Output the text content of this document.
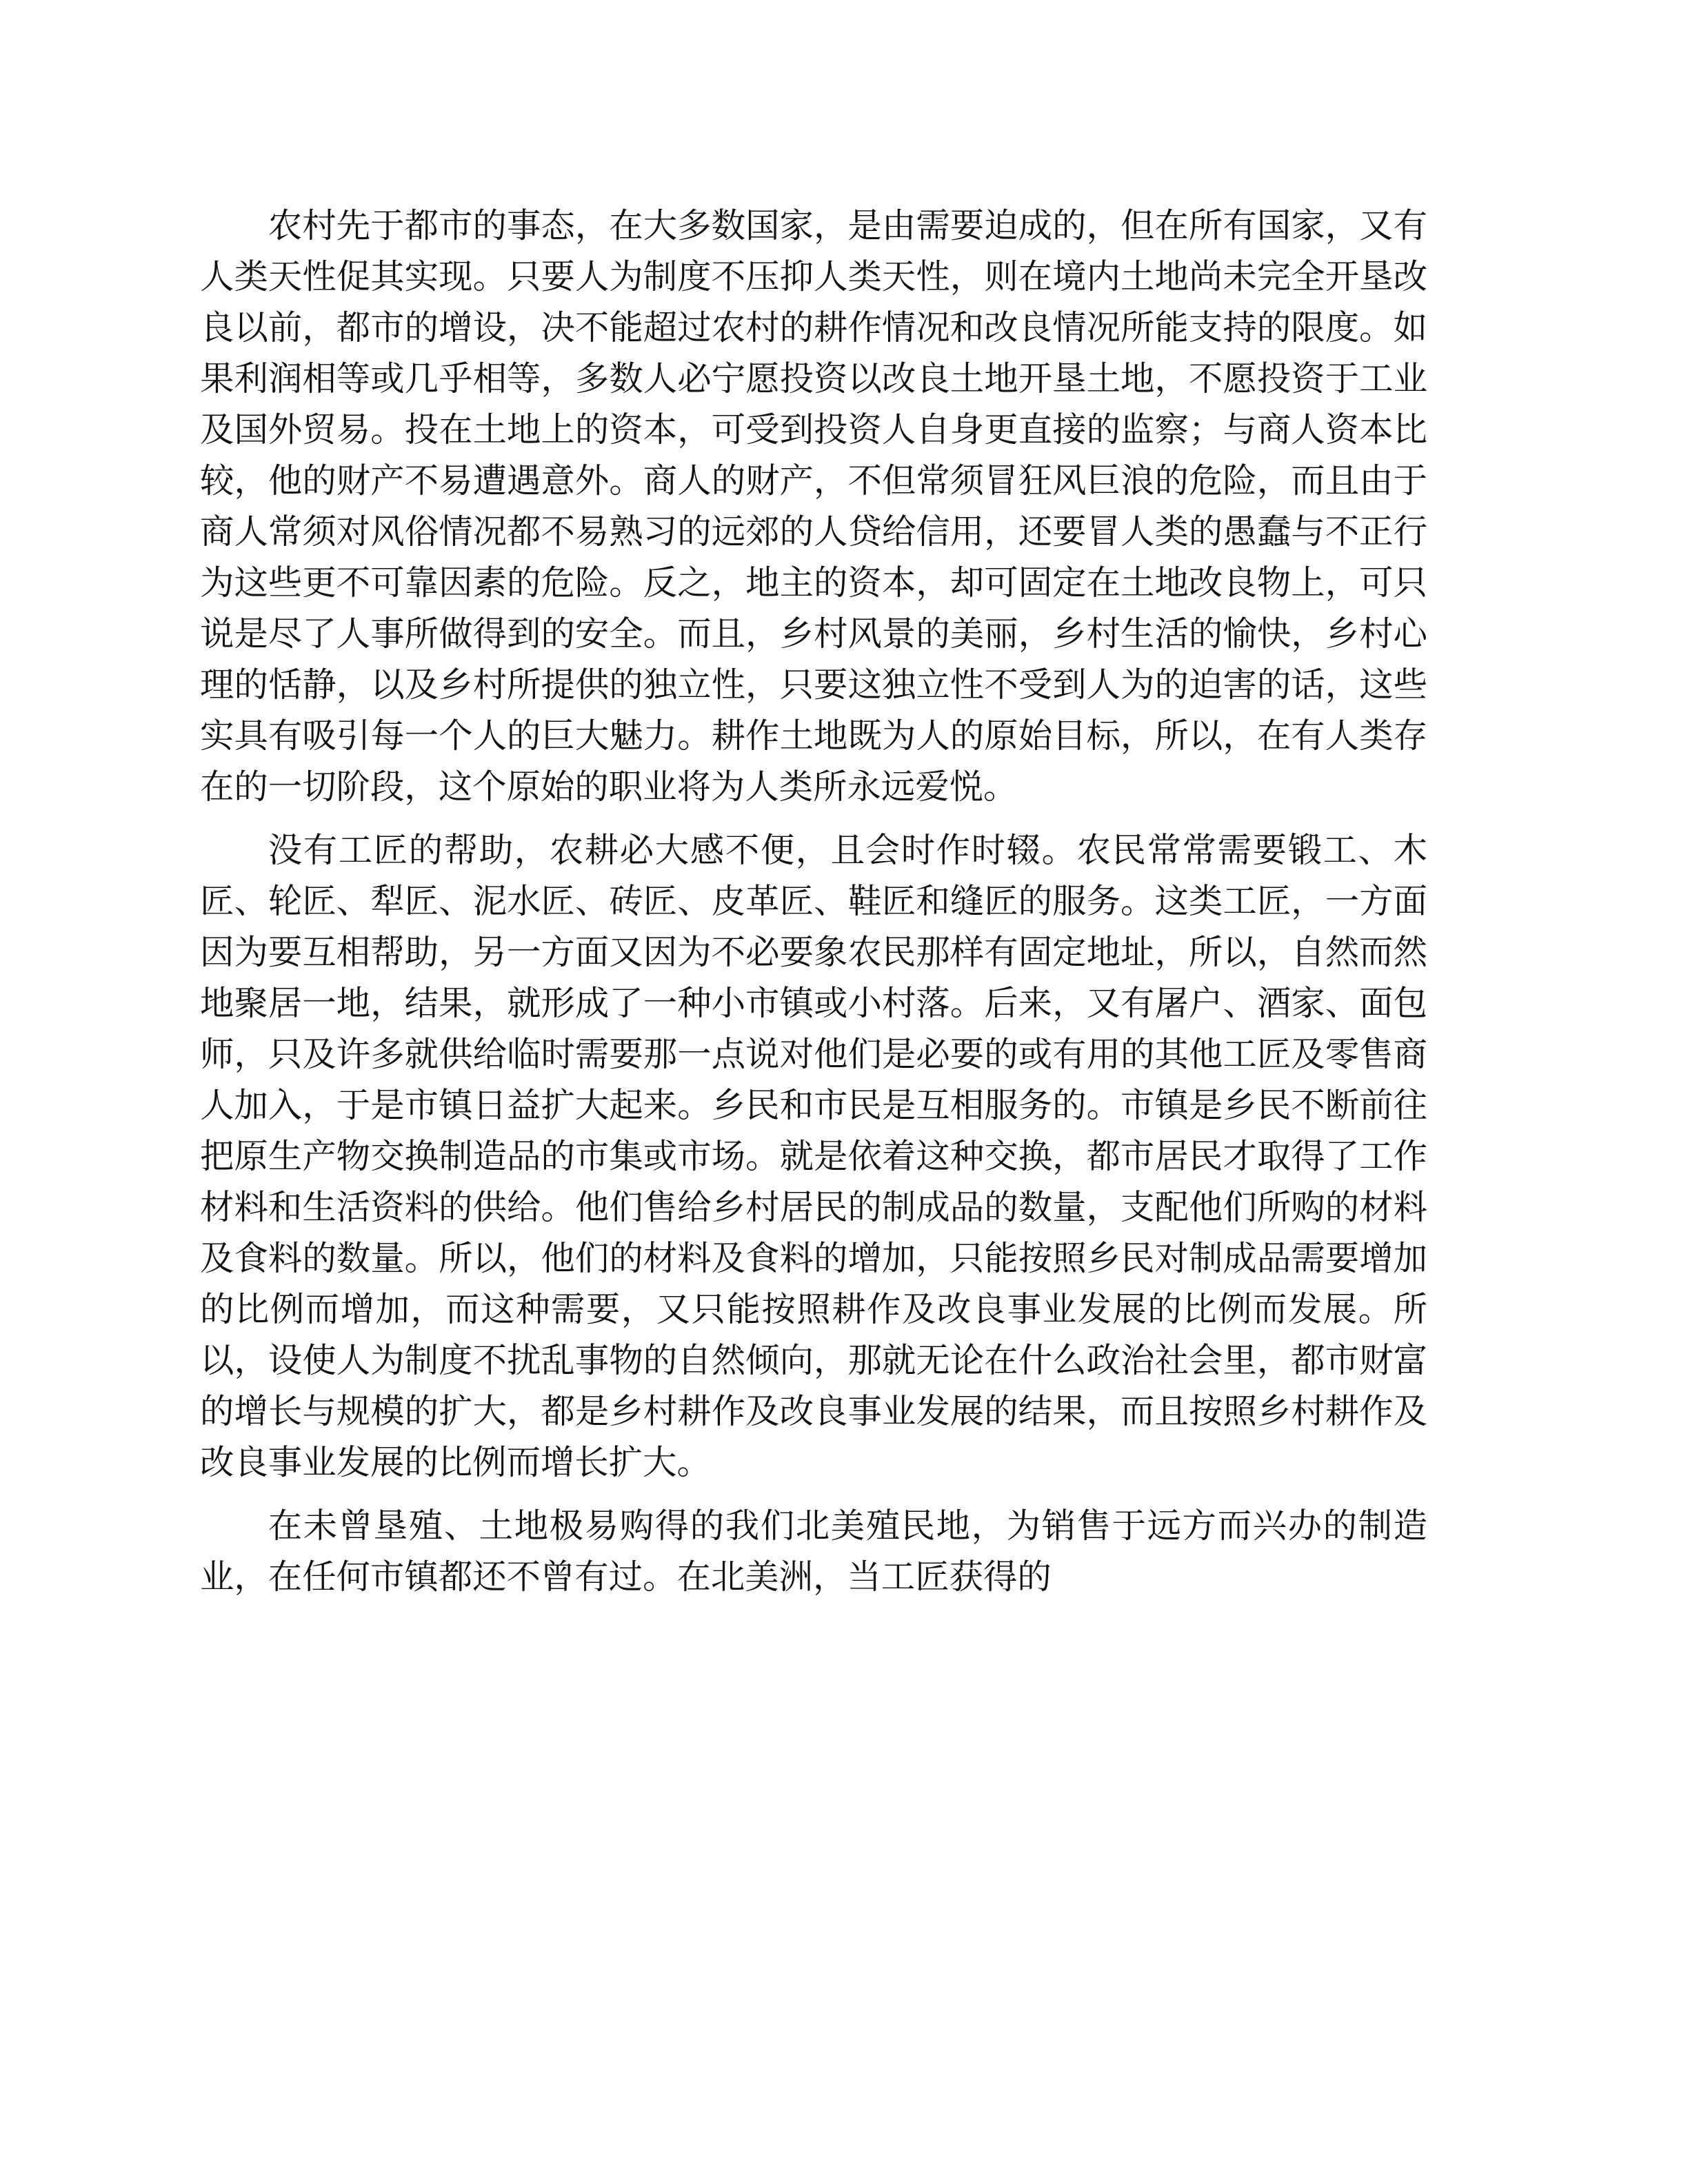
农村先于都市的事态，在大多数国家，是由需要迫成的，但在所有国家，又有人类天性促其实现。只要人为制度不压抑人类天性，则在境内土地尚未完全开垦改良以前，都市的增设，决不能超过农村的耕作情况和改良情况所能支持的限度。如果利润相等或几乎相等，多数人必宁愿投资以改良土地开垦土地，不愿投资于工业及国外贸易。投在土地上的资本，可受到投资人自身更直接的监察；与商人资本比较，他的财产不易遭遇意外。商人的财产，不但常须冒狂风巨浪的危险，而且由于商人常须对风俗情况都不易熟习的远郊的人贷给信用，还要冒人类的愚蠢与不正行为这些更不可靠因素的危险。反之，地主的资本，却可固定在土地改良物上，可只说是尽了人事所做得到的安全。而且，乡村风景的美丽，乡村生活的愉快，乡村心理的恬静，以及乡村所提供的独立性，只要这独立性不受到人为的迫害的话，这些实具有吸引每一个人的巨大魅力。耕作土地既为人的原始目标，所以，在有人类存在的一切阶段，这个原始的职业将为人类所永远爱悦。

没有工匠的帮助，农耕必大感不便，且会时作时辍。农民常常需要锻工、木匠、轮匠、犁匠、泥水匠、砖匠、皮革匠、鞋匠和缝匠的服务。这类工匠，一方面因为要互相帮助，另一方面又因为不必要象农民那样有固定地址，所以，自然而然地聚居一地，结果，就形成了一种小市镇或小村落。后来，又有屠户、酒家、面包师，只及许多就供给临时需要那一点说对他们是必要的或有用的其他工匠及零售商人加入，于是市镇日益扩大起来。乡民和市民是互相服务的。市镇是乡民不断前往把原生产物交换制造品的市集或市场。就是依着这种交换，都市居民才取得了工作材料和生活资料的供给。他们售给乡村居民的制成品的数量，支配他们所购的材料及食料的数量。所以，他们的材料及食料的增加，只能按照乡民对制成品需要增加的比例而增加，而这种需要，又只能按照耕作及改良事业发展的比例而发展。所以，设使人为制度不扰乱事物的自然倾向，那就无论在什么政治社会里，都市财富的增长与规模的扩大，都是乡村耕作及改良事业发展的结果，而且按照乡村耕作及改良事业发展的比例而增长扩大。

在未曾垦殖、土地极易购得的我们北美殖民地，为销售于远方而兴办的制造业，在任何市镇都还不曾有过。在北美洲，当工匠获得的
